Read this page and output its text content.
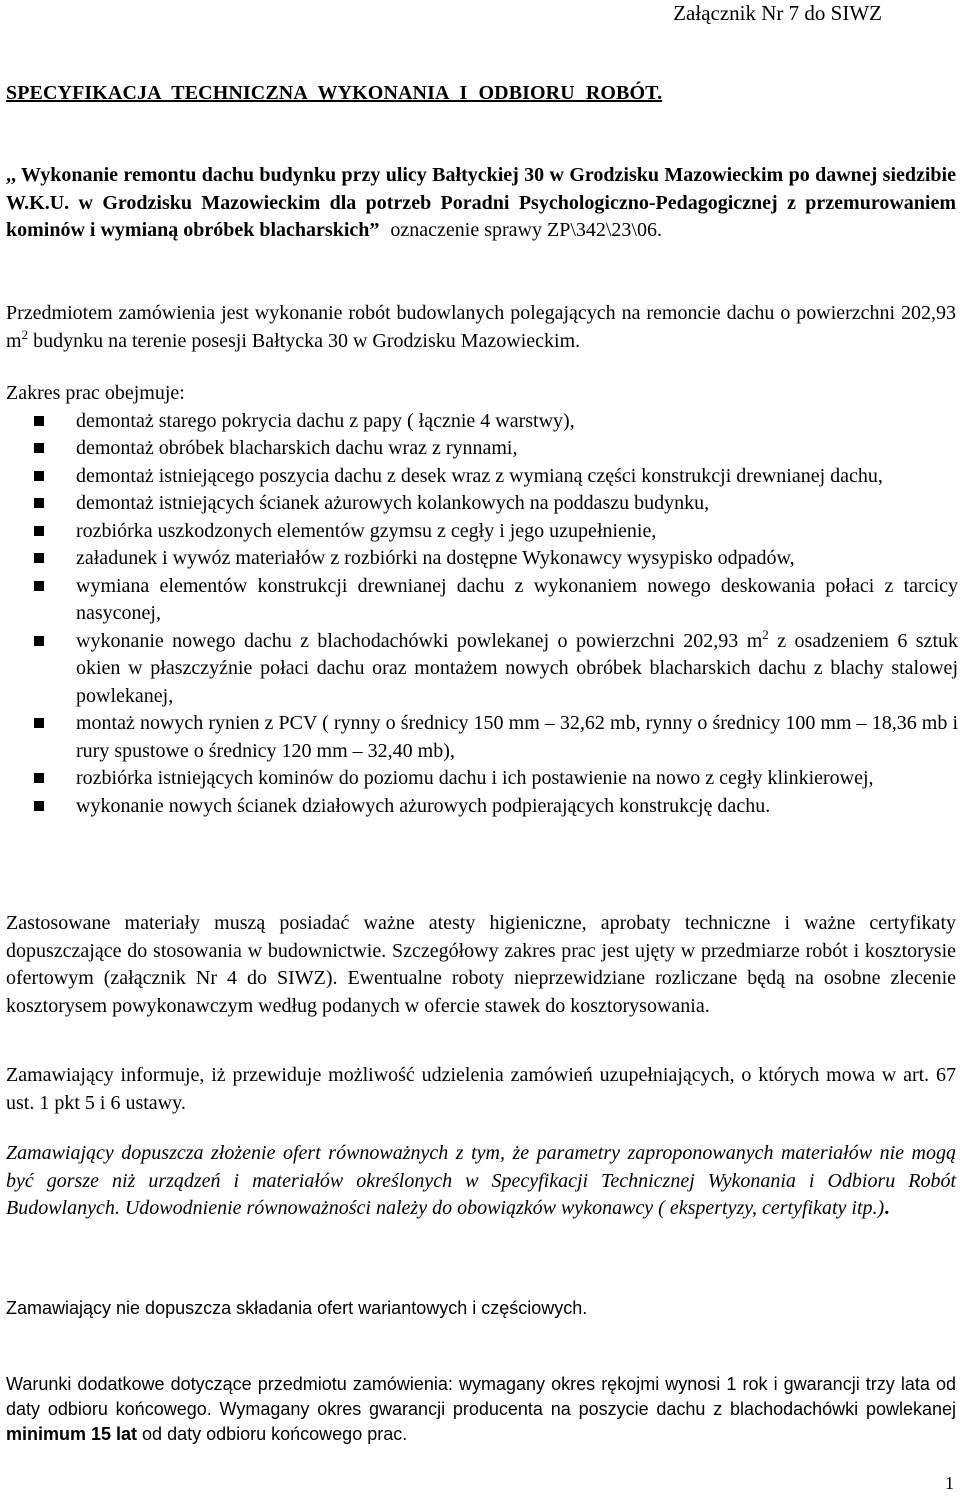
Załącznik Nr 7 do SIWZ
SPECYFIKACJA TECHNICZNA WYKONANIA I ODBIORU ROBÓT.
,, Wykonanie remontu dachu budynku przy ulicy Bałtyckiej 30 w Grodzisku Mazowieckim po dawnej siedzibie W.K.U. w Grodzisku Mazowieckim dla potrzeb Poradni Psychologiczno-Pedagogicznej z przemurowaniem kominów i wymianą obróbek blacharskich” oznaczenie sprawy ZP\342\23\06.
Przedmiotem zamówienia jest wykonanie robót budowlanych polegających na remoncie dachu o powierzchni 202,93 $m^2$ budynku na terenie posesji Bałtycka 30 w Grodzisku Mazowieckim.
Zakres prac obejmuje:
demontaż starego pokrycia dachu z papy ( łącznie 4 warstwy),
demontaż obróbek blacharskich dachu wraz z rynnami,
demontaż istniejącego poszycia dachu z desek wraz z wymianą części konstrukcji drewnianej dachu,
demontaż istniejących ścianek ażurowych kolankowych na poddaszu budynku,
rozbiórka uszkodzonych elementów gzymsu z cegły i jego uzupełnienie,
załadunek i wywóz materiałów z rozbiórki na dostępne Wykonawcy wysypisko odpadów,
wymiana elementów konstrukcji drewnianej dachu z wykonaniem nowego deskowania połaci z tarcicy nasyconej,
wykonanie nowego dachu z blachodachówki powlekanej o powierzchni 202,93 $m^2$ z osadzeniem 6 sztuk okien w płaszczyźnie połaci dachu oraz montażem nowych obróbek blacharskich dachu z blachy stalowej powlekanej,
montaż nowych rynien z PCV ( rynny o średnicy 150 mm – 32,62 mb, rynny o średnicy 100 mm – 18,36 mb i rury spustowe o średnicy 120 mm – 32,40 mb),
rozbiórka istniejących kominów do poziomu dachu i ich postawienie na nowo z cegły klinkierowej,
wykonanie nowych ścianek działowych ażurowych podpierających konstrukcję dachu.
Zastosowane materiały muszą posiadać ważne atesty higieniczne, aprobaty techniczne i ważne certyfikaty dopuszczające do stosowania w budownictwie. Szczegółowy zakres prac jest ujęty w przedmiarze robót i kosztorysie ofertowym (załącznik Nr 4 do SIWZ). Ewentualne roboty nieprzewidziane rozliczane będą na osobne zlecenie kosztorysem powykonawczym według podanych w ofercie stawek do kosztorysowania.
Zamawiający informuje, iż przewiduje możliwość udzielenia zamówień uzupełniających, o których mowa w art. 67 ust. 1 pkt 5 i 6 ustawy.
Zamawiający dopuszcza złożenie ofert równoważnych z tym, że parametry zaproponowanych materiałów nie mogą być gorsze niż urządzeń i materiałów określonych w Specyfikacji Technicznej Wykonania i Odbioru Robót Budowlanych. Udowodnienie równoważności należy do obowiązków wykonawcy ( ekspertyzy, certyfikaty itp.).
Zamawiający nie dopuszcza składania ofert wariantowych i częściowych.
Warunki dodatkowe dotyczące przedmiotu zamówienia: wymagany okres rękojmi wynosi 1 rok i gwarancji trzy lata od daty odbioru końcowego. Wymagany okres gwarancji producenta na poszycie dachu z blachodachówki powlekanej minimum 15 lat od daty odbioru końcowego prac.
1
